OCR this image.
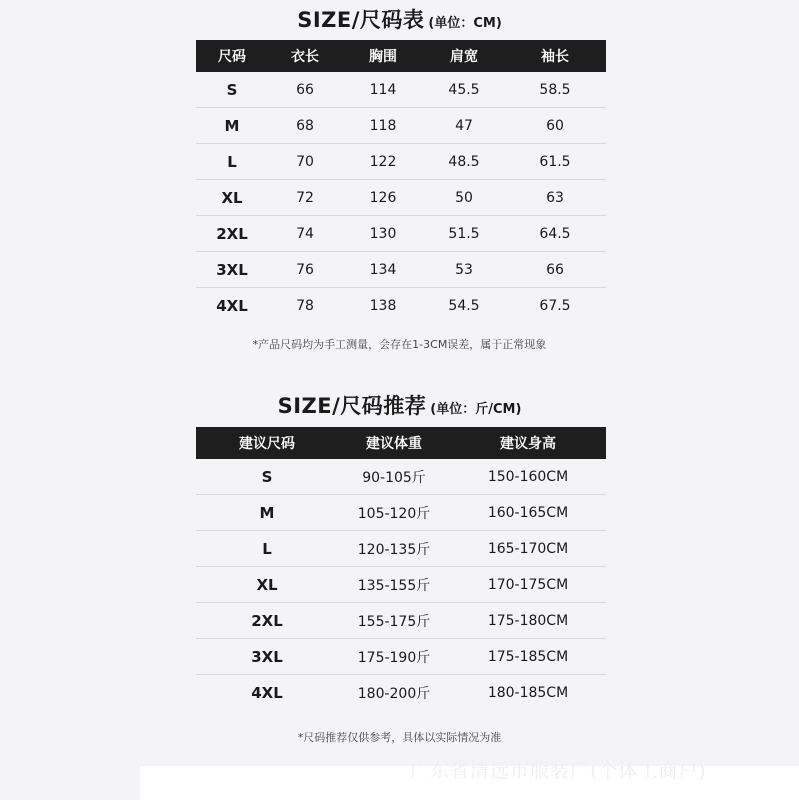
SIZE/尺码表 (单位：CM)
尺码	衣长	胸围	肩宽	袖长
S	66	114	45.5	58.5
M	68	118	47	60
L	70	122	48.5	61.5
XL	72	126	50	63
2XL	74	130	51.5	64.5
3XL	76	134	53	66
4XL	78	138	54.5	67.5
*产品尺码均为手工测量，会存在1-3CM误差，属于正常现象
SIZE/尺码推荐 (单位：斤/CM)
建议尺码	建议体重	建议身高
S	90-105斤	150-160CM
M	105-120斤	160-165CM
L	120-135斤	165-170CM
XL	135-155斤	170-175CM
2XL	155-175斤	175-180CM
3XL	175-190斤	175-185CM
4XL	180-200斤	180-185CM
*尺码推荐仅供参考，具体以实际情况为准
广东省清远市服装厂(个体工商户)
